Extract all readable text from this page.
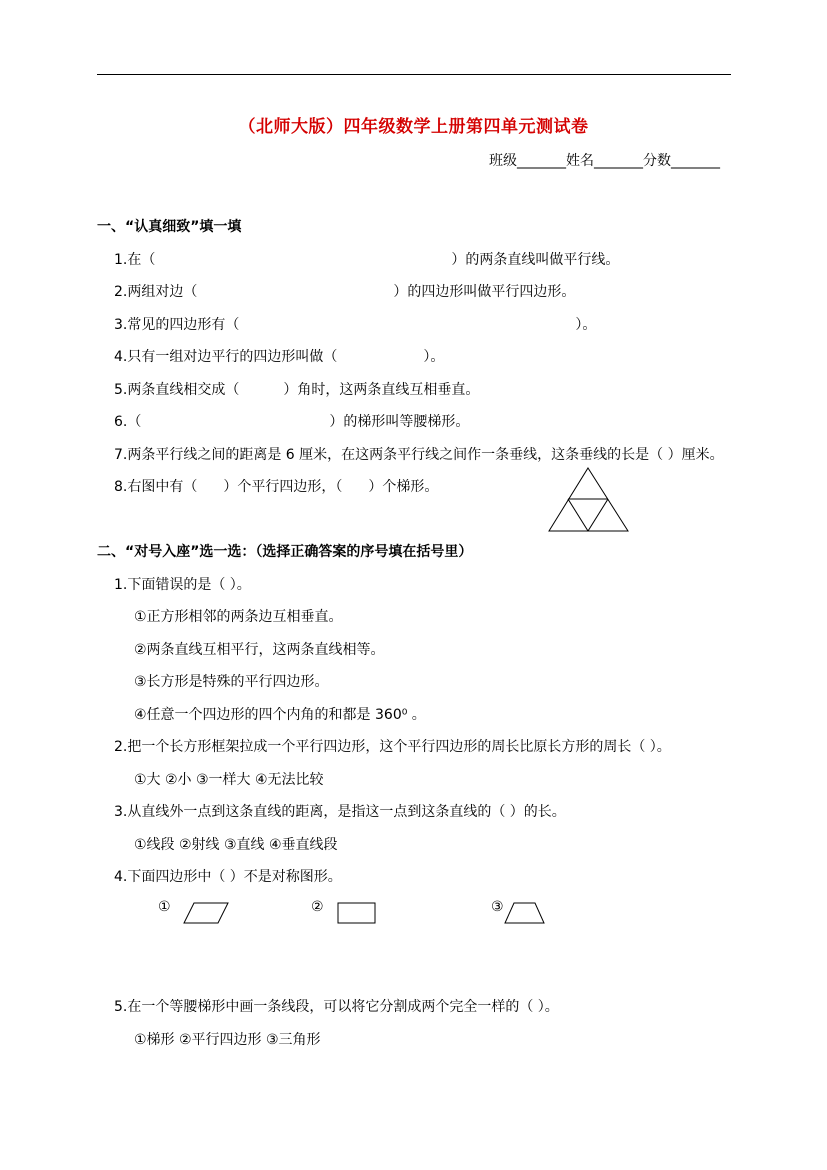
（北师大版）四年级数学上册第四单元测试卷
班级_______姓名_______分数_______
一、“认真细致”填一填
1.在（	）的两条直线叫做平行线。
2.两组对边（	）的四边形叫做平行四边形。
3.常见的四边形有（	）。
4.只有一组对边平行的四边形叫做（	）。
5.两条直线相交成（	）角时，这两条直线互相垂直。
6.（	）的梯形叫等腰梯形。
7.两条平行线之间的距离是 6 厘米，在这两条平行线之间作一条垂线，这条垂线的长是（ ）厘米。
8.右图中有（ ）个平行四边形，（ ）个梯形。
二、“对号入座”选一选：（选择正确答案的序号填在括号里）
1.下面错误的是（ ）。
①正方形相邻的两条边互相垂直。
②两条直线互相平行，这两条直线相等。
③长方形是特殊的平行四边形。
④任意一个四边形的四个内角的和都是 360⁰ 。
2.把一个长方形框架拉成一个平行四边形，这个平行四边形的周长比原长方形的周长（ ）。
①大 ②小 ③一样大 ④无法比较
3.从直线外一点到这条直线的距离，是指这一点到这条直线的（ ）的长。
①线段 ②射线 ③直线 ④垂直线段
4.下面四边形中（ ）不是对称图形。
①	②	③
5.在一个等腰梯形中画一条线段，可以将它分割成两个完全一样的（ ）。
①梯形 ②平行四边形 ③三角形
